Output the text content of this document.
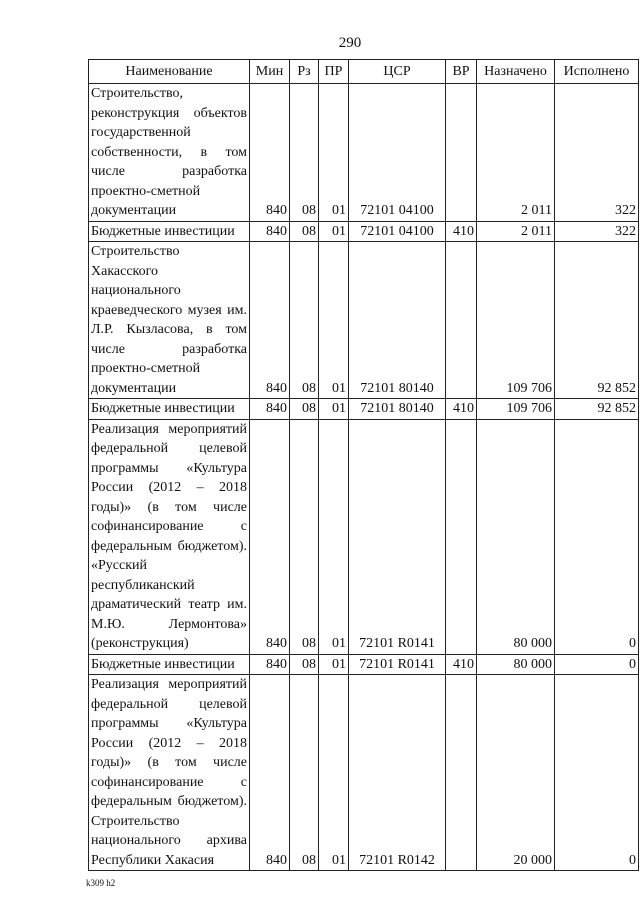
290
Наименование	Мин	Рз	ПР	ЦСР	ВР	Назначено	Исполнено
Строительство, реконструкция объектов государственной собственности, в том числе разработка проектно-сметной документации	840	08	01	72101 04100		2 011	322
Бюджетные инвестиции	840	08	01	72101 04100	410	2 011	322
Строительство Хакасского национального краеведческого музея им. Л.Р. Кызласова, в том числе разработка проектно-сметной документации	840	08	01	72101 80140		109 706	92 852
Бюджетные инвестиции	840	08	01	72101 80140	410	109 706	92 852
Реализация мероприятий федеральной целевой программы «Культура России (2012 – 2018 годы)» (в том числе софинансирование с федеральным бюджетом). «Русский республиканский драматический театр им. М.Ю. Лермонтова» (реконструкция)	840	08	01	72101 R0141		80 000	0
Бюджетные инвестиции	840	08	01	72101 R0141	410	80 000	0
Реализация мероприятий федеральной целевой программы «Культура России (2012 – 2018 годы)» (в том числе софинансирование с федеральным бюджетом). Строительство национального архива Республики Хакасия	840	08	01	72101 R0142		20 000	0
k309 h2
